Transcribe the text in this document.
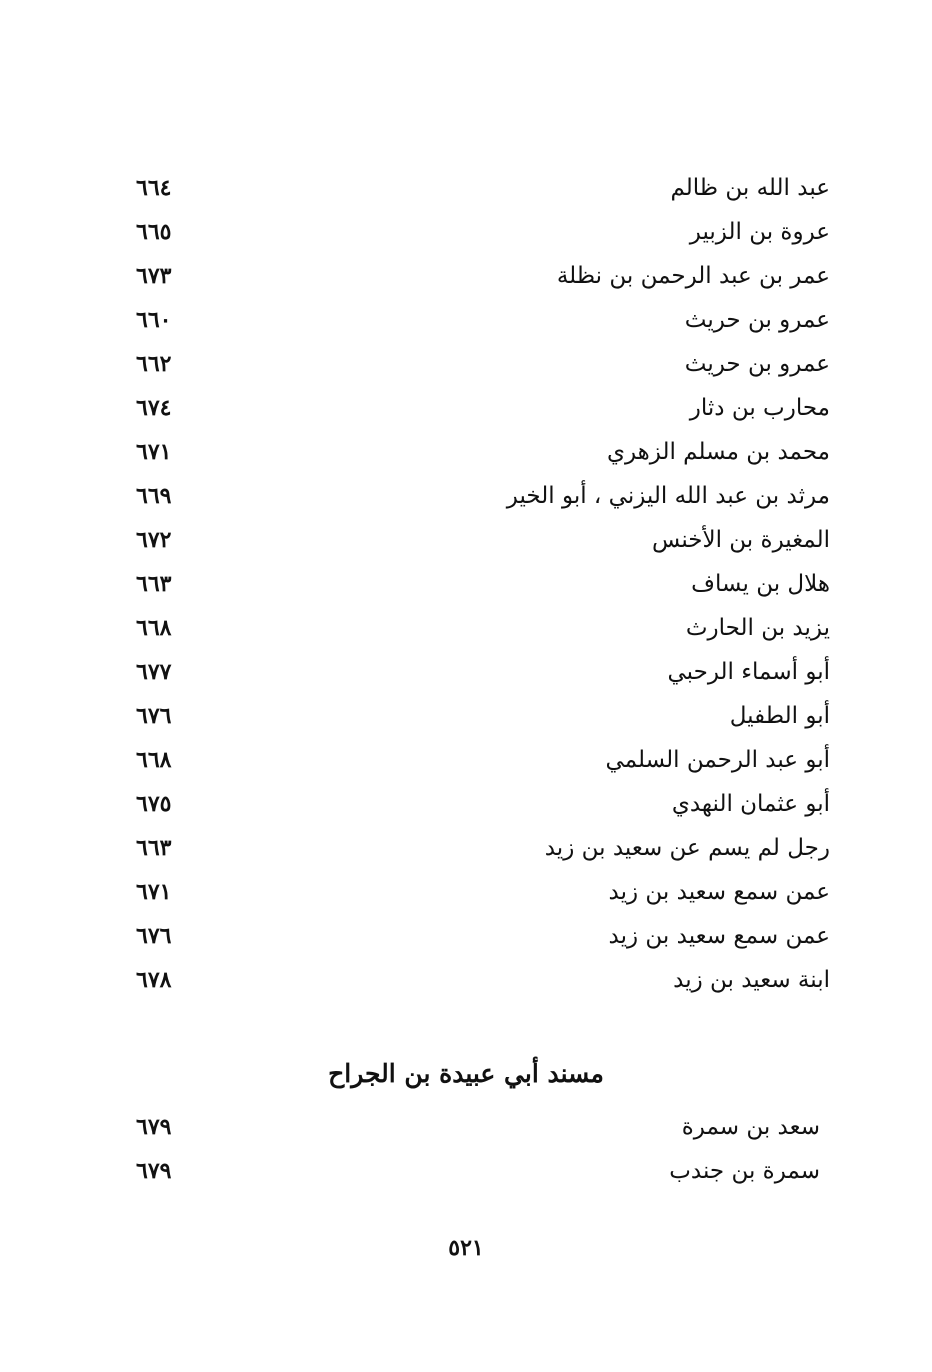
عبد الله بن ظالم
٦٦٤
عروة بن الزبير
٦٦٥
عمر بن عبد الرحمن بن نظلة
٦٧٣
عمرو بن حريث
٦٦٠
عمرو بن حريث
٦٦٢
محارب بن دثار
٦٧٤
محمد بن مسلم الزهري
٦٧١
مرثد بن عبد الله اليزني ، أبو الخير
٦٦٩
المغيرة بن الأخنس
٦٧٢
هلال بن يساف
٦٦٣
يزيد بن الحارث
٦٦٨
أبو أسماء الرحبي
٦٧٧
أبو الطفيل
٦٧٦
أبو عبد الرحمن السلمي
٦٦٨
أبو عثمان النهدي
٦٧٥
رجل لم يسم عن سعيد بن زيد
٦٦٣
عمن سمع سعيد بن زيد
٦٧١
عمن سمع سعيد بن زيد
٦٧٦
ابنة سعيد بن زيد
٦٧٨
مسند أبي عبيدة بن الجراح
سعد بن سمرة
٦٧٩
سمرة بن جندب
٦٧٩
٥٢١
